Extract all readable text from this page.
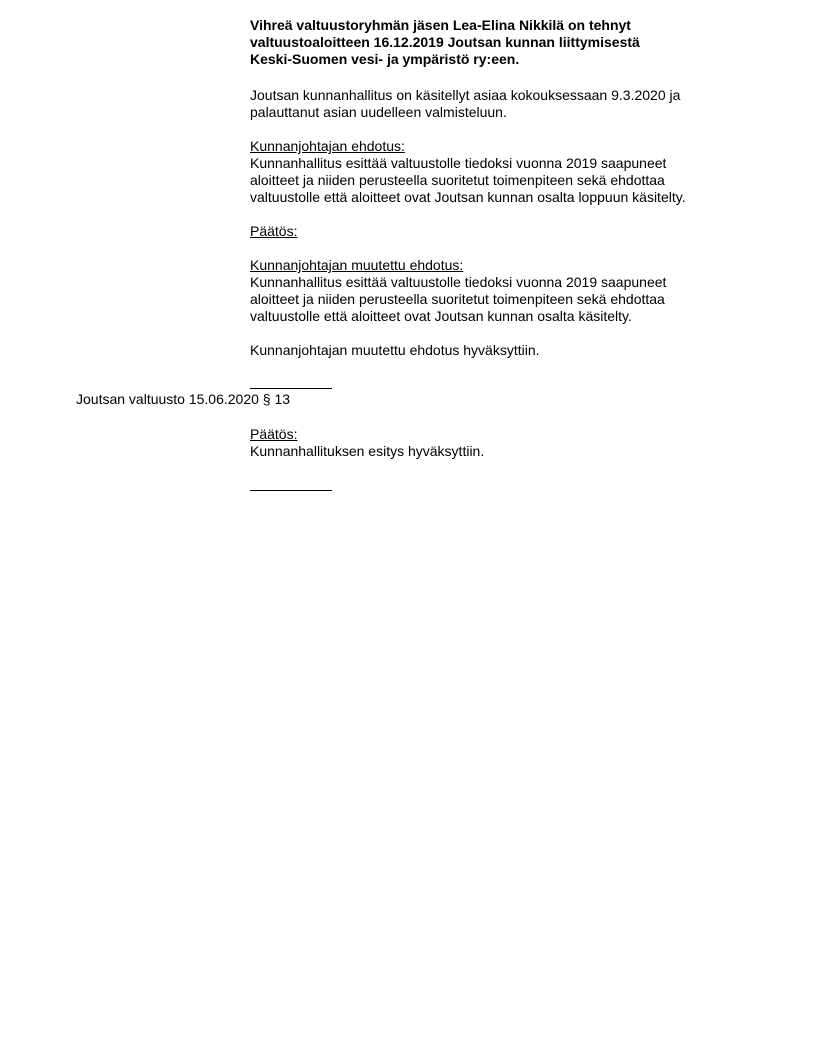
Vihreä valtuustoryhmän jäsen Lea-Elina Nikkilä on tehnyt
valtuustoaloitteen 16.12.2019 Joutsan kunnan liittymisestä
Keski-Suomen vesi- ja ympäristö ry:een.
Joutsan kunnanhallitus on käsitellyt asiaa kokouksessaan 9.3.2020 ja
palauttanut asian uudelleen valmisteluun.
Kunnanjohtajan ehdotus:
Kunnanhallitus esittää valtuustolle tiedoksi vuonna 2019 saapuneet
aloitteet ja niiden perusteella suoritetut toimenpiteen sekä ehdottaa
valtuustolle että aloitteet ovat Joutsan kunnan osalta loppuun käsitelty.
Päätös:
Kunnanjohtajan muutettu ehdotus:
Kunnanhallitus esittää valtuustolle tiedoksi vuonna 2019 saapuneet
aloitteet ja niiden perusteella suoritetut toimenpiteen sekä ehdottaa
valtuustolle että aloitteet ovat Joutsan kunnan osalta käsitelty.
Kunnanjohtajan muutettu ehdotus hyväksyttiin.
Joutsan valtuusto 15.06.2020 § 13
Päätös:
Kunnanhallituksen esitys hyväksyttiin.
